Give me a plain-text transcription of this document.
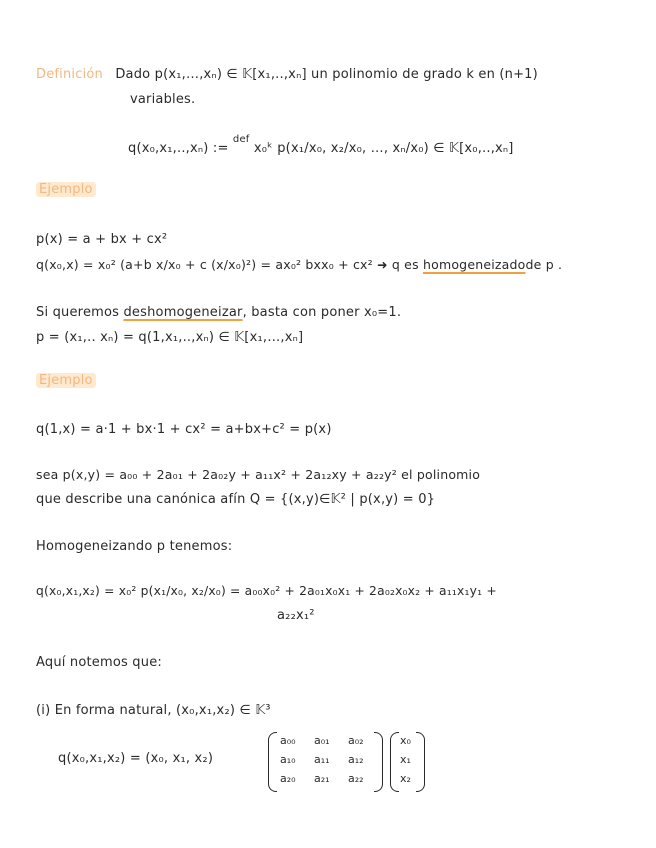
Definición Dado p(x₁,…,xₙ) ∈ 𝕂[x₁,..,xₙ] un polinomio de grado k en (n+1)
variables.
q(x₀,x₁,..,xₙ) := $^{def}$ x₀ᵏ p(x₁/x₀, x₂/x₀, …, xₙ/x₀) ∈ 𝕂[x₀,..,xₙ]
Ejemplo
p(x) = a + bx + cx²
q(x₀,x) = x₀² (a+b x/x₀ + c (x/x₀)²) = ax₀² bxx₀ + cx² ➜ q es homogeneizadode p .
Si queremos deshomogeneizar, basta con poner x₀=1.
p = (x₁,.. xₙ) = q(1,x₁,..,xₙ) ∈ 𝕂[x₁,…,xₙ]
Ejemplo
q(1,x) = a·1 + bx·1 + cx² = a+bx+c² = p(x)
sea p(x,y) = a₀₀ + 2a₀₁ + 2a₀₂y + a₁₁x² + 2a₁₂xy + a₂₂y² el polinomio
que describe una canónica afín Q = {(x,y)∈𝕂² | p(x,y) = 0}
Homogeneizando p tenemos:
q(x₀,x₁,x₂) = x₀² p(x₁/x₀, x₂/x₀) = a₀₀x₀² + 2a₀₁x₀x₁ + 2a₀₂x₀x₂ + a₁₁x₁y₁ +
a₂₂x₁²
Aquí notemos que:
(i) En forma natural, (x₀,x₁,x₂) ∈ 𝕂³
q(x₀,x₁,x₂) = (x₀, x₁, x₂)
a₀₀ a₀₁ a₀₂
a₁₀ a₁₁ a₁₂
a₂₀ a₂₁ a₂₂
x₀
x₁
x₂
